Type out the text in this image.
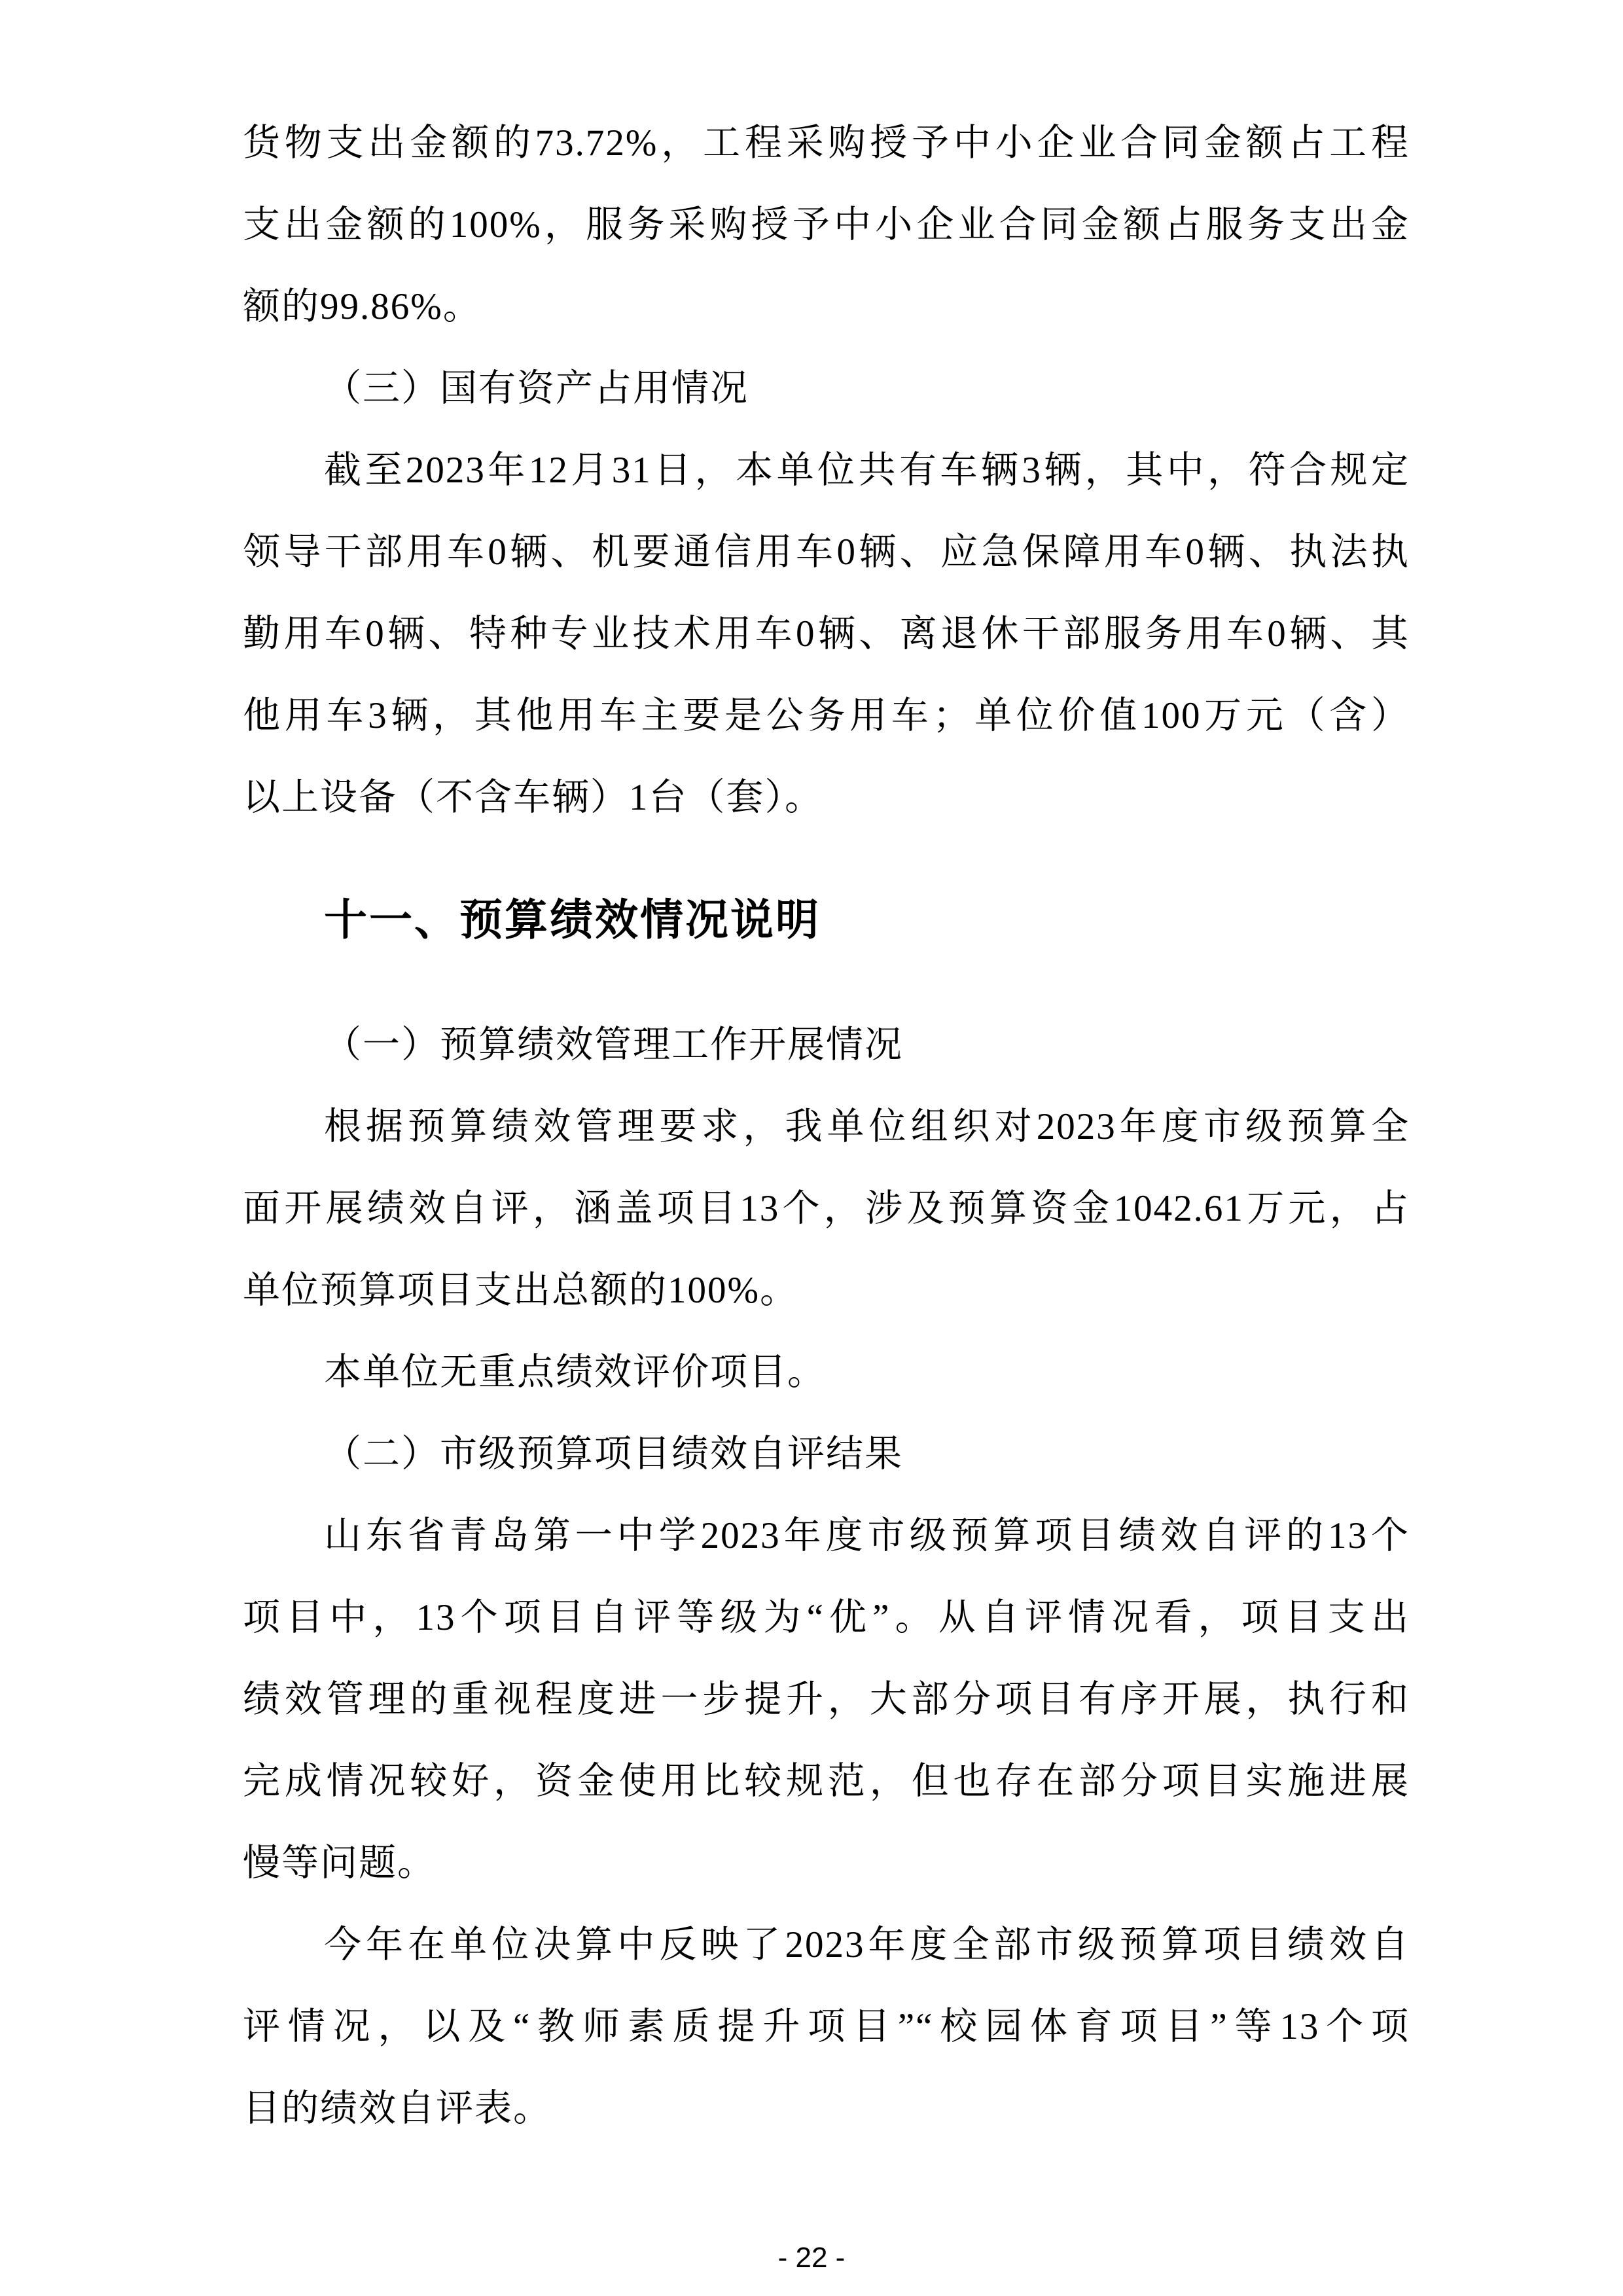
货物支出金额的73.72%，工程采购授予中小企业合同金额占工程
支出金额的100%，服务采购授予中小企业合同金额占服务支出金
额的99.86%。
（三）国有资产占用情况
截至2023年12月31日，本单位共有车辆3辆，其中，符合规定
领导干部用车0辆、机要通信用车0辆、应急保障用车0辆、执法执
勤用车0辆、特种专业技术用车0辆、离退休干部服务用车0辆、其
他用车3辆，其他用车主要是公务用车；单位价值100万元（含）
以上设备（不含车辆）1台（套）。
十一、预算绩效情况说明
（一）预算绩效管理工作开展情况
根据预算绩效管理要求，我单位组织对2023年度市级预算全
面开展绩效自评，涵盖项目13个，涉及预算资金1042.61万元，占
单位预算项目支出总额的100%。
本单位无重点绩效评价项目。
（二）市级预算项目绩效自评结果
山东省青岛第一中学2023年度市级预算项目绩效自评的13个
项目中，13个项目自评等级为“优”。从自评情况看，项目支出
绩效管理的重视程度进一步提升，大部分项目有序开展，执行和
完成情况较好，资金使用比较规范，但也存在部分项目实施进展
慢等问题。
今年在单位决算中反映了2023年度全部市级预算项目绩效自
评情况，以及“教师素质提升项目”“校园体育项目”等13个项
目的绩效自评表。
- 22 -
